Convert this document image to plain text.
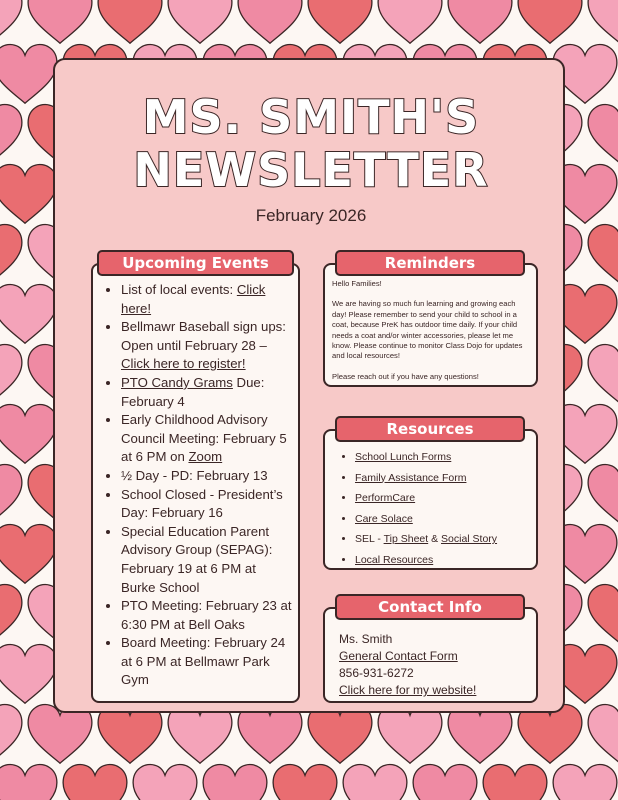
MS. SMITH'S
NEWSLETTER
February 2026
• List of local events: Click here!
• Bellmawr Baseball sign ups: Open until February 28 – Click here to register!
• PTO Candy Grams Due: February 4
• Early Childhood Advisory Council Meeting: February 5 at 6 PM on Zoom
• ½ Day - PD: February 13
• School Closed - President’s Day: February 16
• Special Education Parent Advisory Group (SEPAG): February 19 at 6 PM at Burke School
• PTO Meeting: February 23 at 6:30 PM at Bell Oaks
• Board Meeting: February 24 at 6 PM at Bellmawr Park Gym
Upcoming Events

Hello Families!

We are having so much fun learning and growing each day! Please remember to send your child to school in a coat, because PreK has outdoor time daily. If your child needs a coat and/or winter accessories, please let me know. Please continue to monitor Class Dojo for updates and local resources!

Please reach out if you have any questions!

Reminders
• School Lunch Forms
• Family Assistance Form
• PerformCare
• Care Solace
• SEL - Tip Sheet & Social Story
• Local Resources
Resources
Ms. Smith
General Contact Form
856-931-6272
Click here for my website!
Contact Info
